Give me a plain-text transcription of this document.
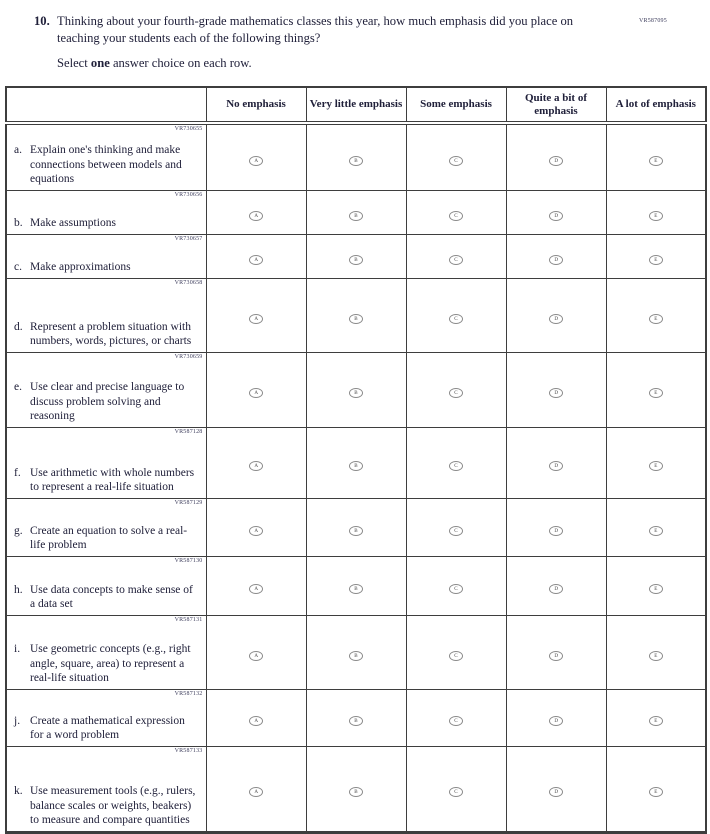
VR587095
10. Thinking about your fourth-grade mathematics classes this year, how much emphasis did you place on teaching your students each of the following things?
Select one answer choice on each row.
	No emphasis	Very little emphasis	Some emphasis	Quite a bit of emphasis	A lot of emphasis

VR730655
a. Explain one's thinking and make connections between models and equations	A	B	C	D	E

VR730656
b. Make assumptions	A	B	C	D	E

VR730657
c. Make approximations	A	B	C	D	E

VR730658
d. Represent a problem situation with numbers, words, pictures, or charts	A	B	C	D	E

VR730659
e. Use clear and precise language to discuss problem solving and reasoning	A	B	C	D	E

VR587128
f. Use arithmetic with whole numbers to represent a real-life situation	A	B	C	D	E

VR587129
g. Create an equation to solve a real-life problem	A	B	C	D	E

VR587130
h. Use data concepts to make sense of a data set	A	B	C	D	E

VR587131
i. Use geometric concepts (e.g., right angle, square, area) to represent a real-life situation	A	B	C	D	E

VR587132
j. Create a mathematical expression for a word problem	A	B	C	D	E

VR587133
k. Use measurement tools (e.g., rulers, balance scales or weights, beakers) to measure and compare quantities	A	B	C	D	E
